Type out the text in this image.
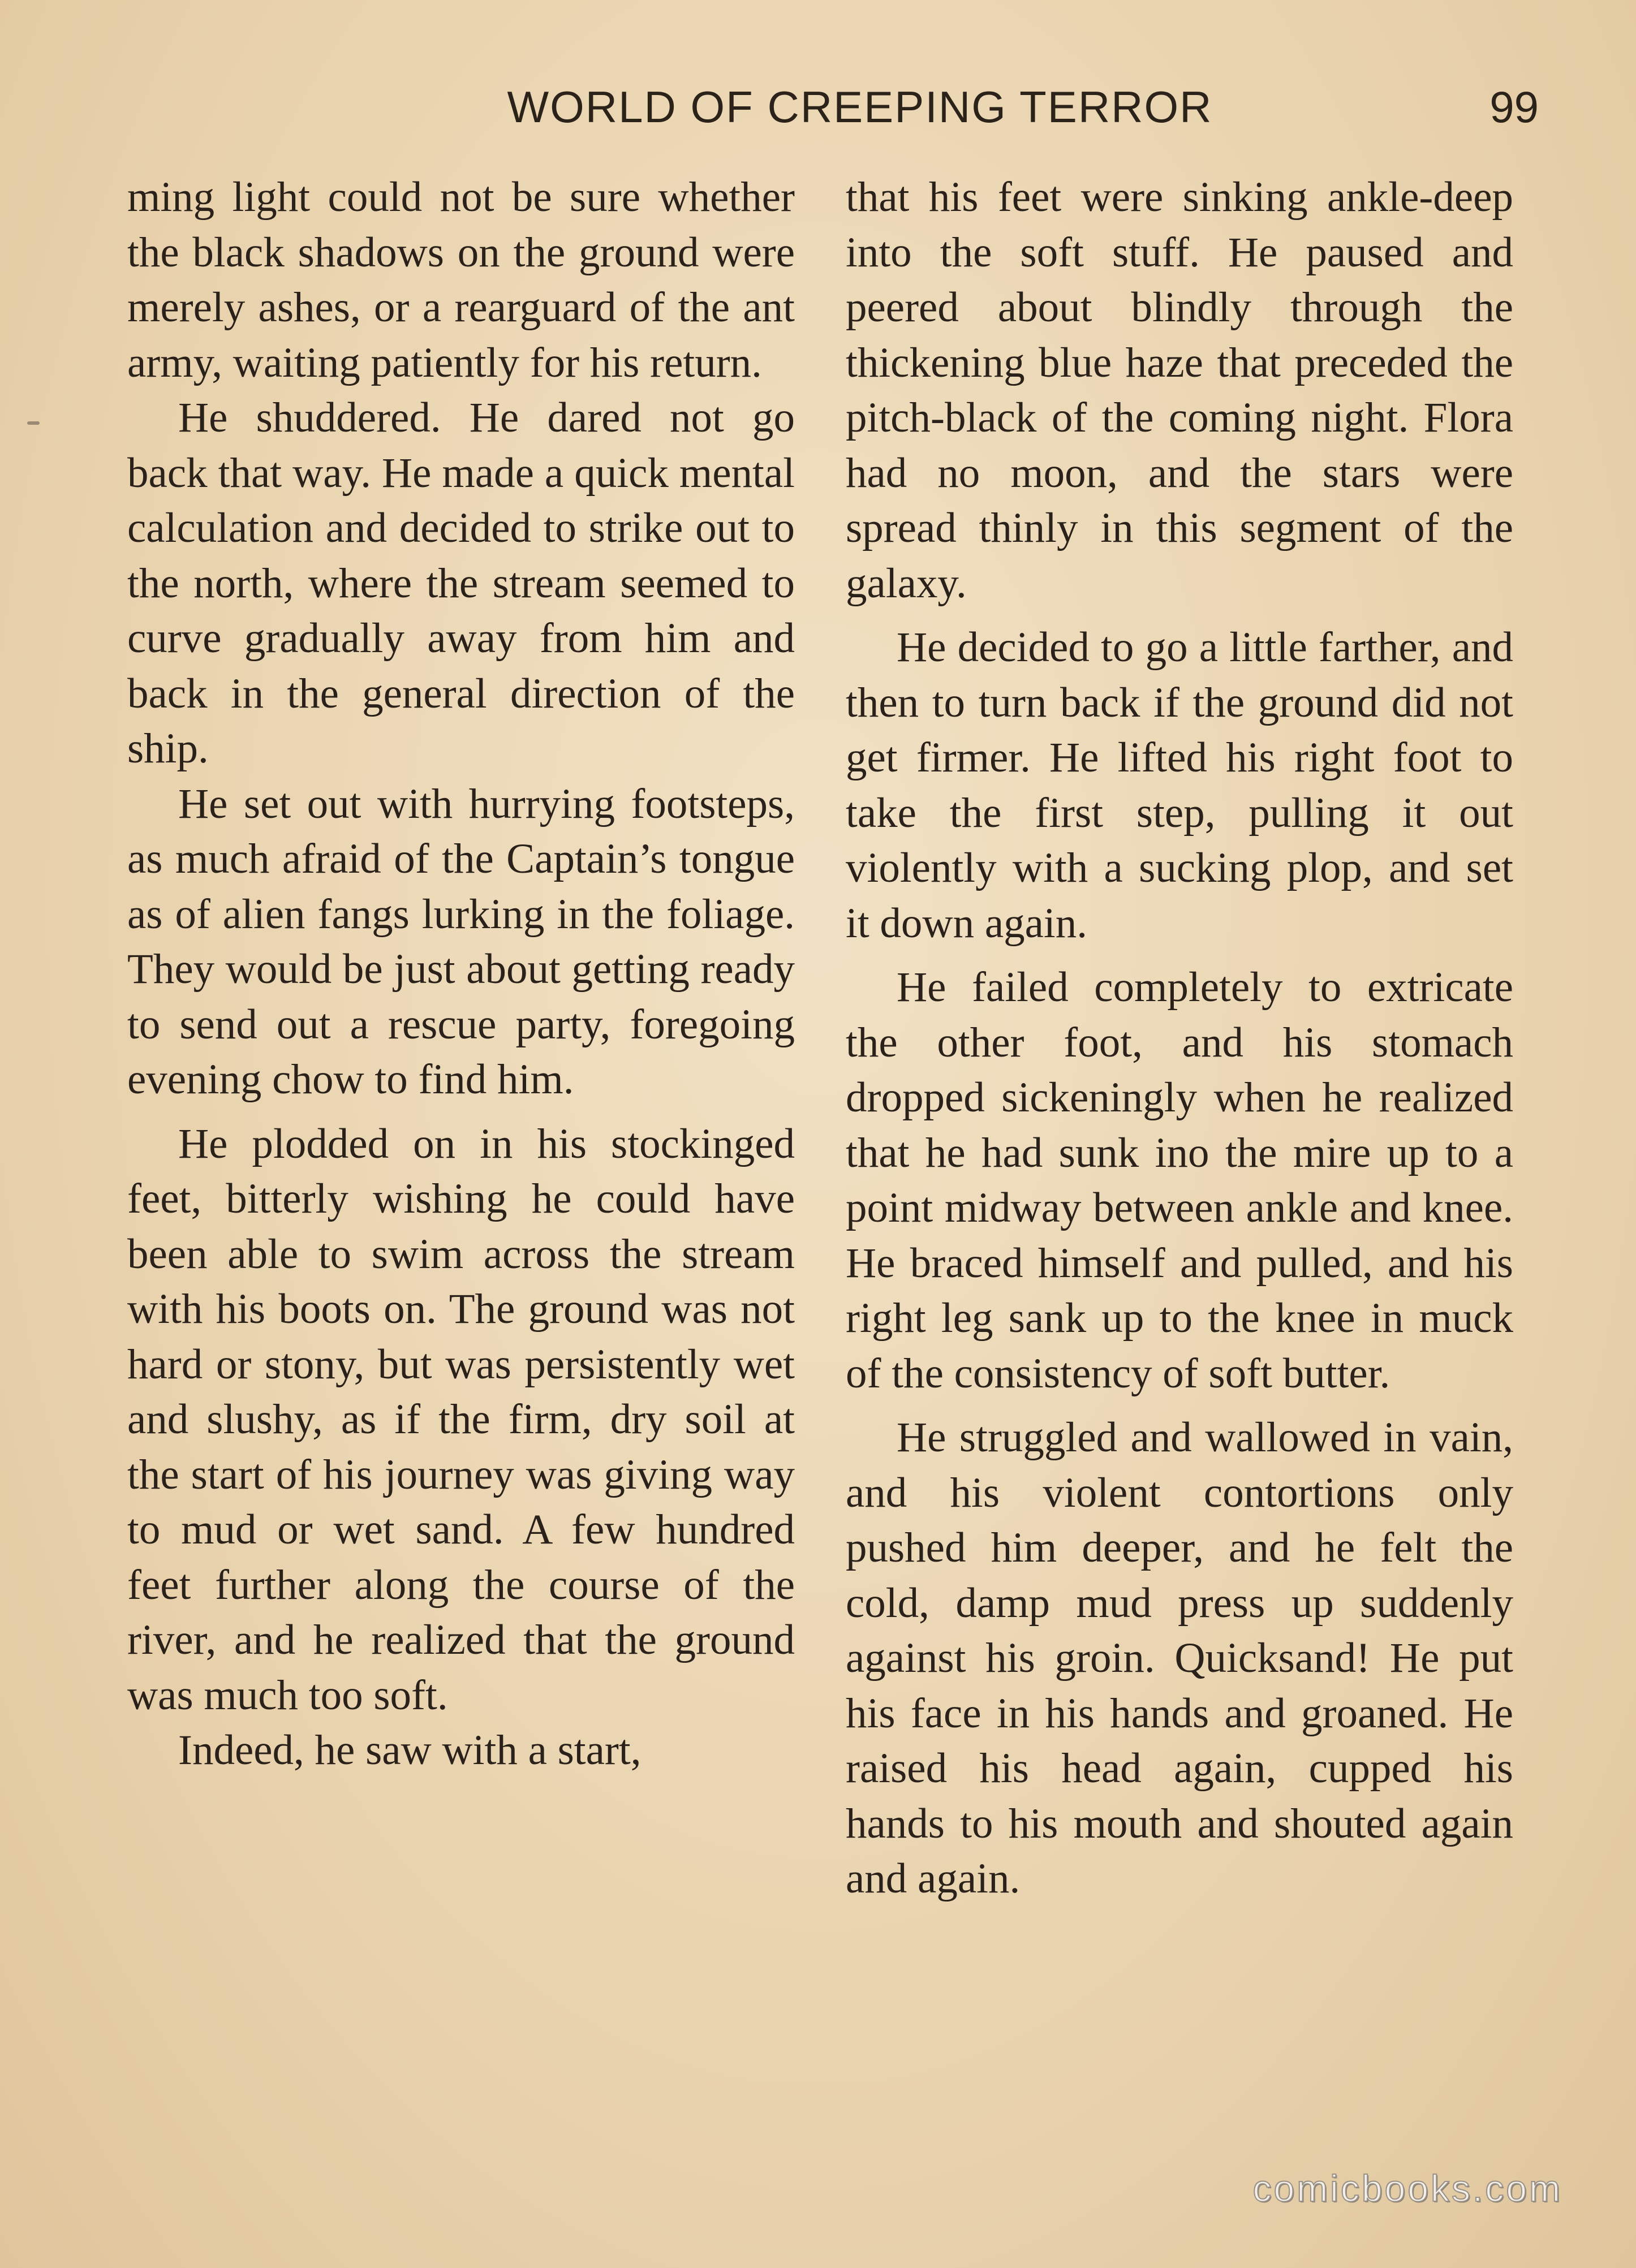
WORLD OF CREEPING TERROR	99

ming light could not be sure whether the black shadows on the ground were merely ashes, or a rearguard of the ant army, waiting patiently for his return.

He shuddered. He dared not go back that way. He made a quick mental calculation and decided to strike out to the north, where the stream seemed to curve gradually away from him and back in the general direction of the ship.

He set out with hurrying footsteps, as much afraid of the Captain’s tongue as of alien fangs lurking in the foliage. They would be just about getting ready to send out a rescue party, foregoing evening chow to find him.

He plodded on in his stockinged feet, bitterly wishing he could have been able to swim across the stream with his boots on. The ground was not hard or stony, but was persistently wet and slushy, as if the firm, dry soil at the start of his journey was giving way to mud or wet sand. A few hundred feet further along the course of the river, and he realized that the ground was much too soft.

Indeed, he saw with a start,

that his feet were sinking ankle-deep into the soft stuff. He paused and peered about blindly through the thickening blue haze that preceded the pitch-black of the coming night. Flora had no moon, and the stars were spread thinly in this segment of the galaxy.

He decided to go a little farther, and then to turn back if the ground did not get firmer. He lifted his right foot to take the first step, pulling it out violently with a sucking plop, and set it down again.

He failed completely to extricate the other foot, and his stomach dropped sickeningly when he realized that he had sunk ino the mire up to a point midway between ankle and knee. He braced himself and pulled, and his right leg sank up to the knee in muck of the consistency of soft butter.

He struggled and wallowed in vain, and his violent contortions only pushed him deeper, and he felt the cold, damp mud press up suddenly against his groin. Quicksand! He put his face in his hands and groaned. He raised his head again, cupped his hands to his mouth and shouted again and again.

comicbooks.com
